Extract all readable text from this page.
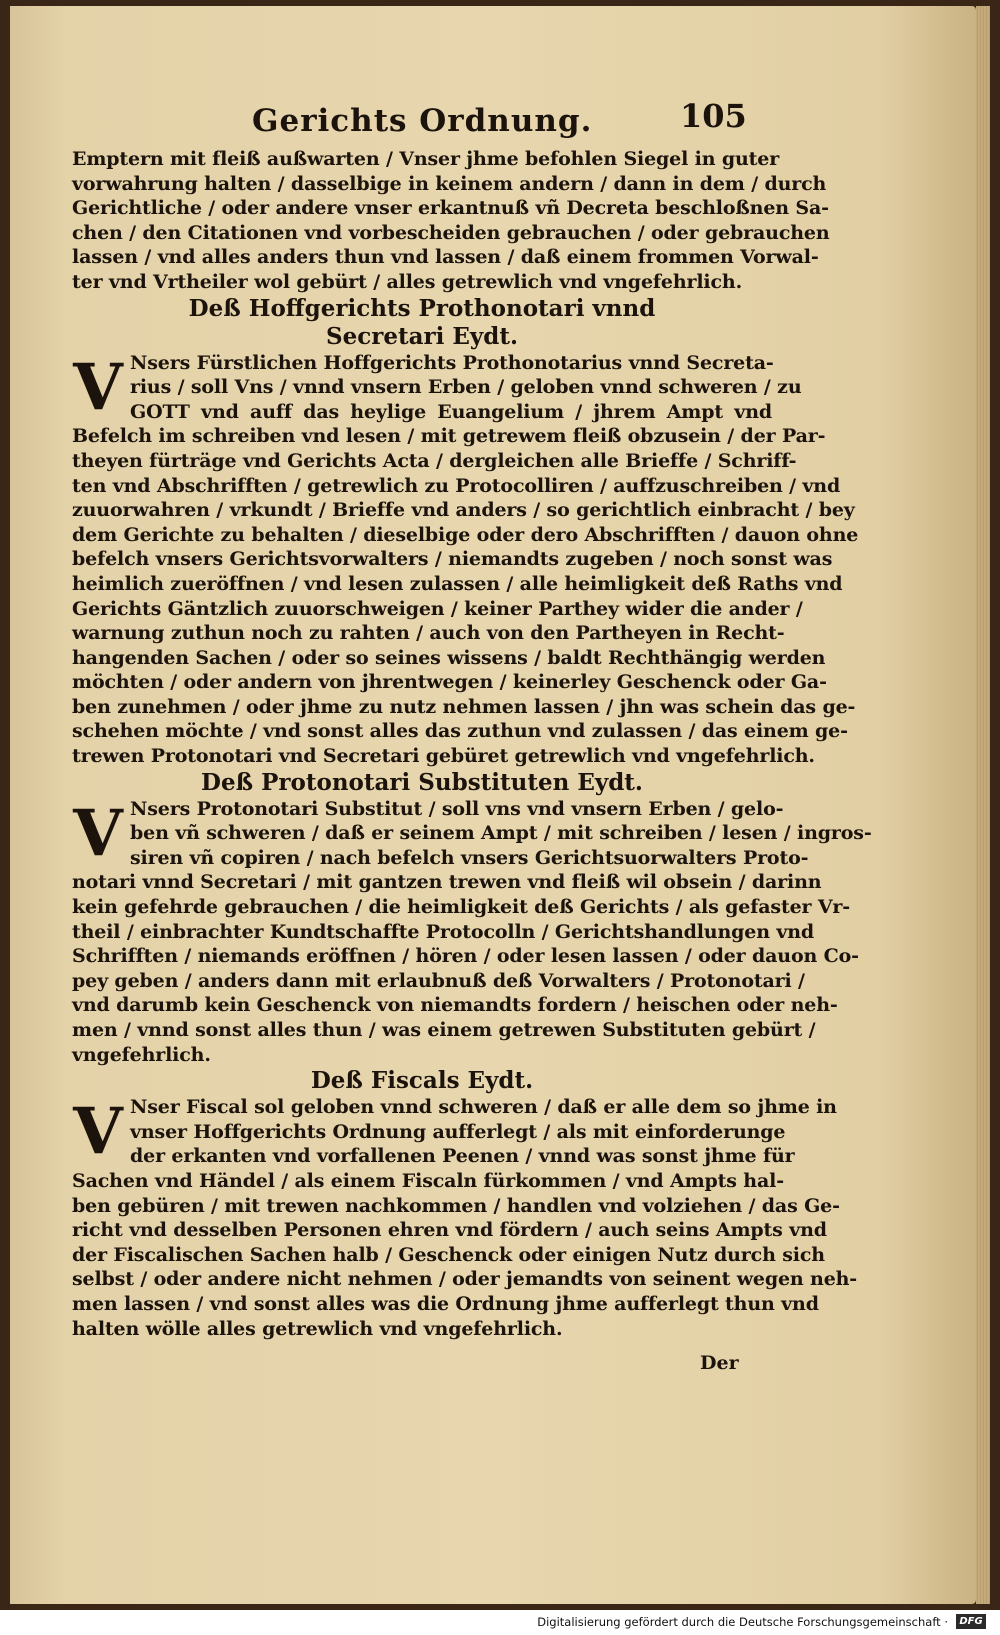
Gerichts Ordnung.	105
Emptern mit fleiß außwarten / Vnser jhme befohlen Siegel in guter
vorwahrung halten / dasselbige in keinem andern / dann in dem / durch
Gerichtliche / oder andere vnser erkantnuß vñ Decreta beschloßnen Sa-
chen / den Citationen vnd vorbescheiden gebrauchen / oder gebrauchen
lassen / vnd alles anders thun vnd lassen / daß einem frommen Vorwal-
ter vnd Vrtheiler wol gebürt / alles getrewlich vnd vngefehrlich.
Deß Hoffgerichts Prothonotari vnnd
Secretari Eydt.
V Nsers Fürstlichen Hoffgerichts Prothonotarius vnnd Secreta-
rius / soll Vns / vnnd vnsern Erben / geloben vnnd schweren / zu
GOTT vnd auff das heylige Euangelium / jhrem Ampt vnd
Befelch im schreiben vnd lesen / mit getrewem fleiß obzusein / der Par-
theyen fürträge vnd Gerichts Acta / dergleichen alle Brieffe / Schriff-
ten vnd Abschrifften / getrewlich zu Protocolliren / auffzuschreiben / vnd
zuuorwahren / vrkundt / Brieffe vnd anders / so gerichtlich einbracht / bey
dem Gerichte zu behalten / dieselbige oder dero Abschrifften / dauon ohne
befelch vnsers Gerichtsvorwalters / niemandts zugeben / noch sonst was
heimlich zueröffnen / vnd lesen zulassen / alle heimligkeit deß Raths vnd
Gerichts Gäntzlich zuuorschweigen / keiner Parthey wider die ander /
warnung zuthun noch zu rahten / auch von den Partheyen in Recht-
hangenden Sachen / oder so seines wissens / baldt Rechthängig werden
möchten / oder andern von jhrentwegen / keinerley Geschenck oder Ga-
ben zunehmen / oder jhme zu nutz nehmen lassen / jhn was schein das ge-
schehen möchte / vnd sonst alles das zuthun vnd zulassen / das einem ge-
trewen Protonotari vnd Secretari gebüret getrewlich vnd vngefehrlich.
Deß Protonotari Substituten Eydt.
V Nsers Protonotari Substitut / soll vns vnd vnsern Erben / gelo-
ben vñ schweren / daß er seinem Ampt / mit schreiben / lesen / ingros-
siren vñ copiren / nach befelch vnsers Gerichtsuorwalters Proto-
notari vnnd Secretari / mit gantzen trewen vnd fleiß wil obsein / darinn
kein gefehrde gebrauchen / die heimligkeit deß Gerichts / als gefaster Vr-
theil / einbrachter Kundtschaffte Protocolln / Gerichtshandlungen vnd
Schrifften / niemands eröffnen / hören / oder lesen lassen / oder dauon Co-
pey geben / anders dann mit erlaubnuß deß Vorwalters / Protonotari /
vnd darumb kein Geschenck von niemandts fordern / heischen oder neh-
men / vnnd sonst alles thun / was einem getrewen Substituten gebürt /
vngefehrlich.
Deß Fiscals Eydt.
V Nser Fiscal sol geloben vnnd schweren / daß er alle dem so jhme in
vnser Hoffgerichts Ordnung aufferlegt / als mit einforderunge
der erkanten vnd vorfallenen Peenen / vnnd was sonst jhme für
Sachen vnd Händel / als einem Fiscaln fürkommen / vnd Ampts hal-
ben gebüren / mit trewen nachkommen / handlen vnd volziehen / das Ge-
richt vnd desselben Personen ehren vnd fördern / auch seins Ampts vnd
der Fiscalischen Sachen halb / Geschenck oder einigen Nutz durch sich
selbst / oder andere nicht nehmen / oder jemandts von seinent wegen neh-
men lassen / vnd sonst alles was die Ordnung jhme aufferlegt thun vnd
halten wölle alles getrewlich vnd vngefehrlich.
Der
Digitalisierung gefördert durch die Deutsche Forschungsgemeinschaft ·	DFG
